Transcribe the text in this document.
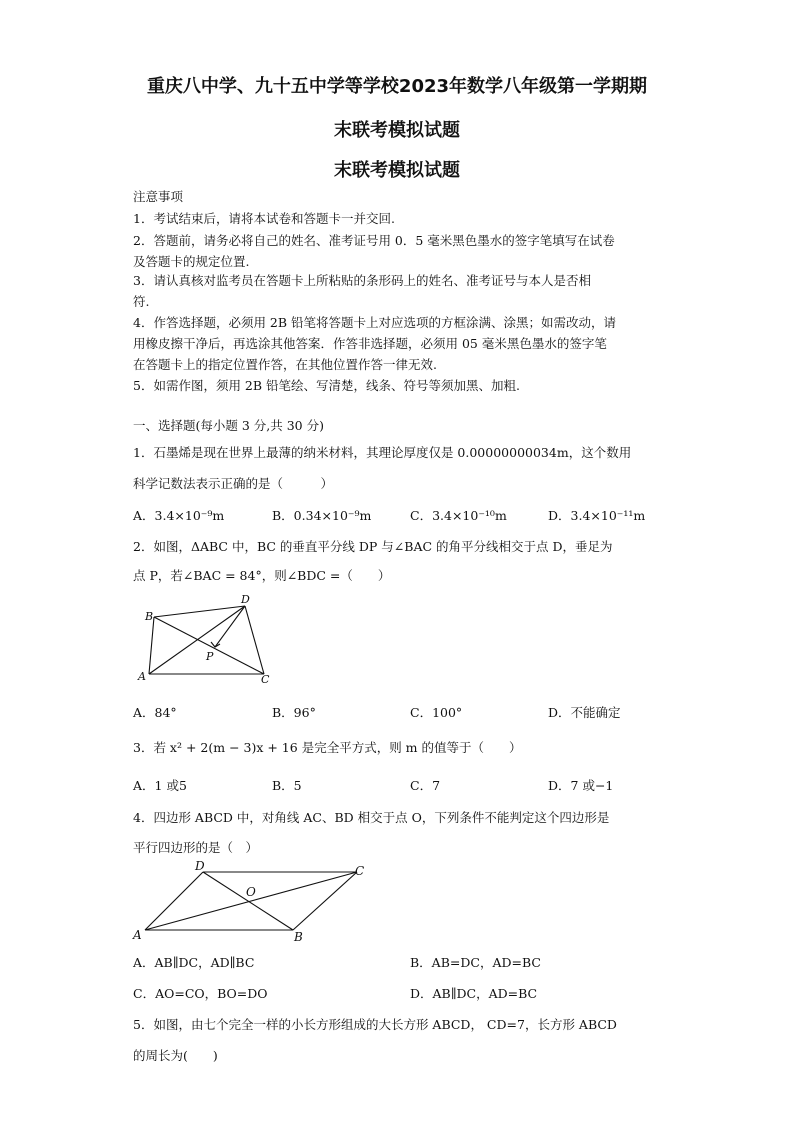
重庆八中学、九十五中学等学校2023年数学八年级第一学期期
末联考模拟试题
末联考模拟试题
注意事项
1．考试结束后，请将本试卷和答题卡一并交回.
2．答题前，请务必将自己的姓名、准考证号用 0．5 毫米黑色墨水的签字笔填写在试卷
及答题卡的规定位置.
3．请认真核对监考员在答题卡上所粘贴的条形码上的姓名、准考证号与本人是否相
符.
4．作答选择题，必须用 2B 铅笔将答题卡上对应选项的方框涂满、涂黑；如需改动，请
用橡皮擦干净后，再选涂其他答案．作答非选择题，必须用 05 毫米黑色墨水的签字笔
在答题卡上的指定位置作答，在其他位置作答一律无效.
5．如需作图，须用 2B 铅笔绘、写清楚，线条、符号等须加黑、加粗.
一、选择题(每小题 3 分,共 30 分)
1．石墨烯是现在世界上最薄的纳米材料，其理论厚度仅是 0.00000000034m，这个数用
科学记数法表示正确的是（　　　）
A．3.4×10⁻⁹m	B．0.34×10⁻⁹m	C．3.4×10⁻¹⁰m	D．3.4×10⁻¹¹m
2．如图，ΔABC 中，BC 的垂直平分线 DP 与∠BAC 的角平分线相交于点 D，垂足为
点 P，若∠BAC = 84°，则∠BDC =（　　）
B
D
P
A	C
A．84°	B．96°	C．100°	D．不能确定
3．若 x² + 2(m − 3)x + 16 是完全平方式，则 m 的值等于（　　）
A．1 或5	B．5	C．7	D．7 或−1
4．四边形 ABCD 中，对角线 AC、BD 相交于点 O，下列条件不能判定这个四边形是
平行四边形的是（　）
D	C
O
A	B
A．AB∥DC，AD∥BC	B．AB=DC，AD=BC
C．AO=CO，BO=DO	D．AB∥DC，AD=BC
5．如图，由七个完全一样的小长方形组成的大长方形 ABCD， CD=7，长方形 ABCD
的周长为(　　)
